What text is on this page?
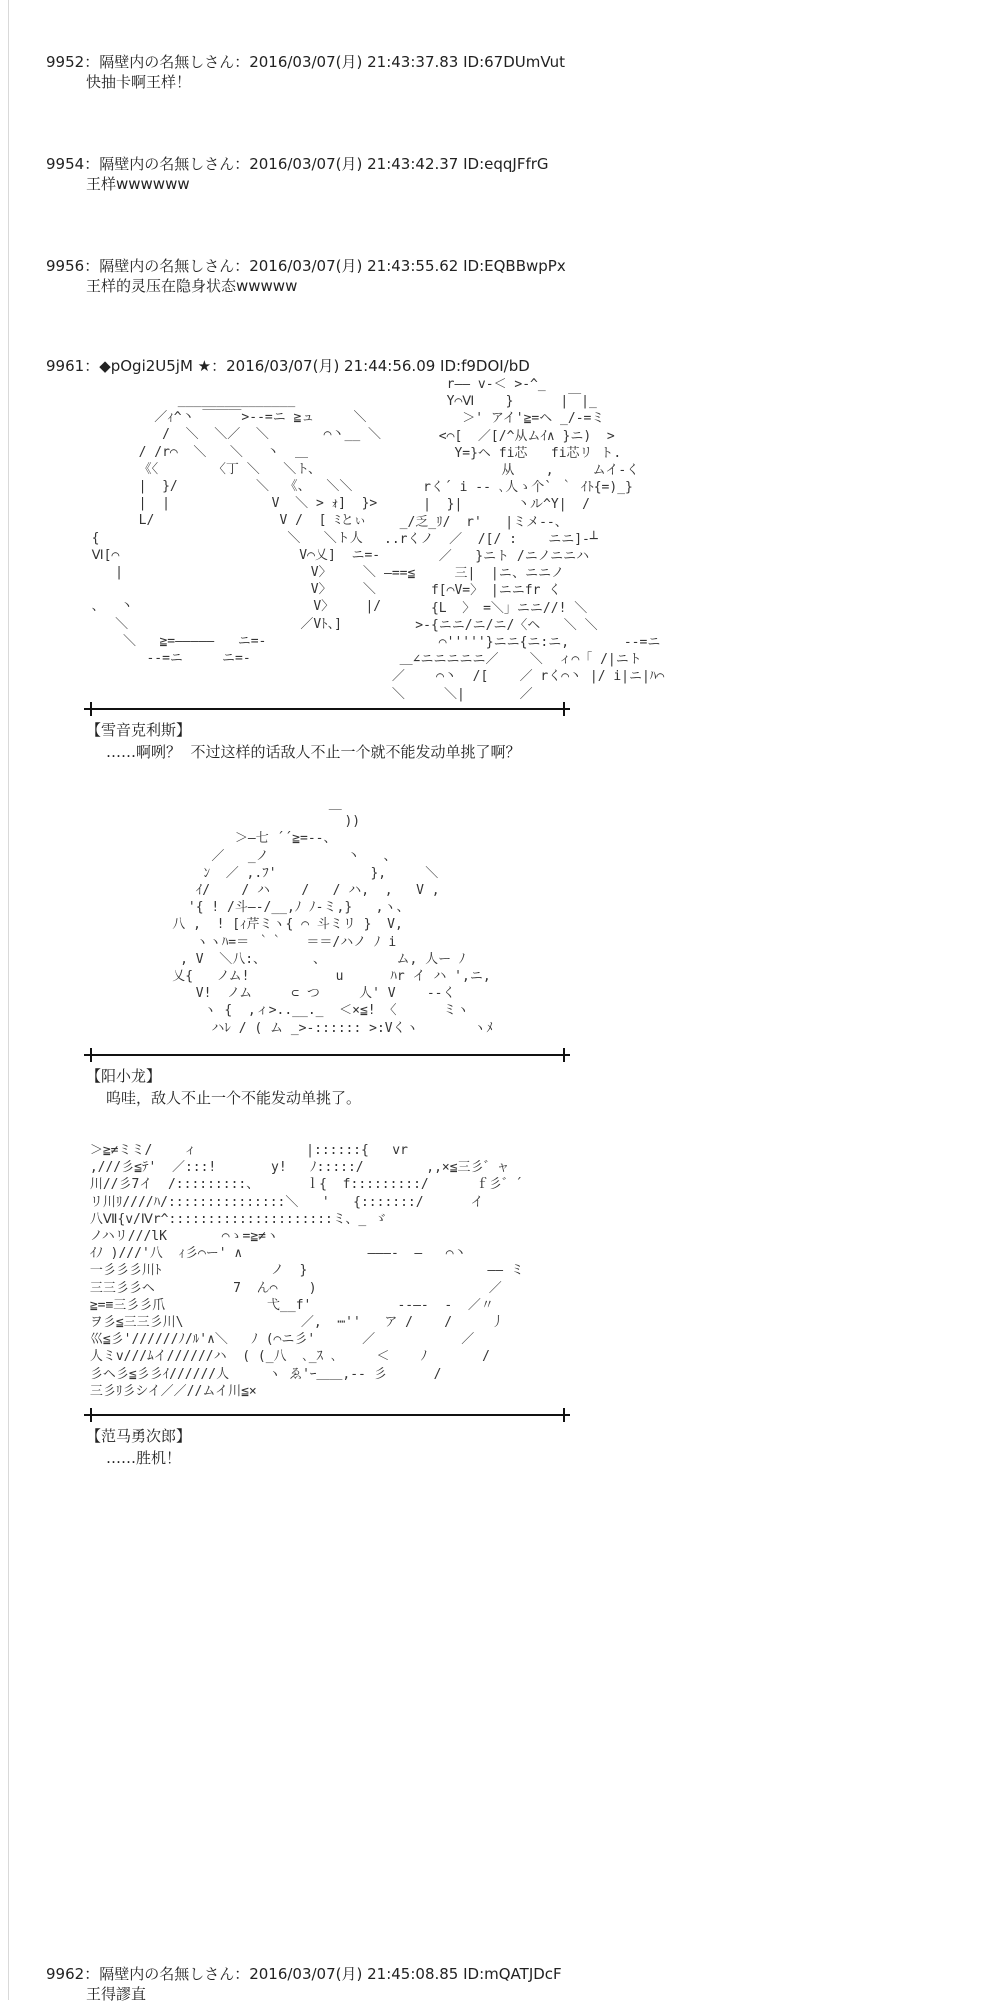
9952：隔壁内の名無しさん：2016/03/07(月) 21:43:37.83 ID:67DUmVut
快抽卡啊王样！
9954：隔壁内の名無しさん：2016/03/07(月) 21:43:42.37 ID:eqqJFfrG
王样wwwwww
9956：隔壁内の名無しさん：2016/03/07(月) 21:43:55.62 ID:EQBBwpPx
王样的灵压在隐身状态wwwww
9961：◆pOgi2U5jM ★：2016/03/07(月) 21:44:56.09 ID:f9DOI/bD
_______________
／ｨ^丶 ￣￣￣>--=ニ ≧ュ     ＼
/  ＼  ＼／  ＼       ⌒丶__ ＼
/ /r⌒  ＼   ＼   丶  ＿
《〈       〈丁 ＼   ＼ト、
|  }/          ＼  《、  ＼＼
|  |             V  ＼ > ｫ]  }>
L/                V /  [ ﾐとぃ
{                        ＼   ＼ト人
Ⅵ[⌒                       V⌒乂]  ニ=-
|                        V〉    ＼
V〉    ＼
、  丶                       V〉    |/
＼                      ／Vﾄ、]
＼   ≧=―――――   ニ=-
--=ニ     ニ=-
r―― v-＜ >-^_
Y⌒Ⅵ    }      |￣|_
＞' アイ'≧=ヘ _/-=ミ
<⌒[  ／[/^从ムｲ∧ }ニ)  >
Y=}ヘ fi芯   fi芯リ ト.
从    ,     ムイ-く
rく´ i -‐ ､人ゝ个` ｀ ｲﾄ{=)_}
|  }|       丶ル^Y|  /
_/乏_ﾘ/  r'   |ミメ-‐、
..rくノ  ／  /[/ :    ニニ]-┴
／   }ニト /ニノニニハ
—==≦     三|  |ニ、ニニノ
f[⌒V=〉 |ニニfr く
{L  〉 =＼」ニニ//! ＼
>-{ニニ/ニ/ニ/〈ヘ   ＼ ＼
⌒'''''}ニニ{ニ:ニ,       --=ニ
＿∠ニニニニニ／    ＼  ィ⌒「 /|ニト
／    ⌒丶  /[    ／ rく⌒丶 |/ i|ニ|ﾊ⌒
＼     ＼|       ／
【雪音克利斯】
……啊咧？  不过这样的话敌人不止一个就不能发动单挑了啊？
＿
))
＞―七 ´´≧=--、
／   _ノ          丶   、
ﾝ  ／ ,.ﾌ'            },     ＼
ｲ/    / ハ    /   / ハ,  ,   V ,
'{ ! /斗―‐/__,ﾉ ﾉ-ミ,}   ,ヽ、
八 ,  ! [ｨ芹ミヽ{ ⌒ 斗ミリ }  V,
ヽヽﾊ=＝ ｀｀   ＝＝/ハノ ﾉ i
, V  ＼八:、      、         ム, 人ー ﾉ
乂{   ノム!           u      ﾊr イ ハ ',ニ,
V!  ノム     ⊂ つ     人' V    --く
ヽ {  ,ィ>..__._  ＜×≦! 〈      ミヽ
ハﾚ / ( ム _>-:::::: >:Vくヽ       ヽﾒ
【阳小龙】
呜哇，敌人不止一个不能发动单挑了。
＞≧≠ミミ/    ィ              |::::::{   vr
,///彡≦ﾃ'  ／:::!       y!   ﾉ:::::/        ,,×≦三彡゛ャ
川//彡7イ  /:::::::::、      ｌ{  f:::::::::/      ｆ彡゛´
リ川ﾘ////ﾊ/:::::::::::::::＼   '   {:::::::/      イ
八Ⅶ{v/Ⅳr^:::::::::::::::::::::ミ、_ ゞ
ノハリ///lK       ⌒ゝ=≧≠ヽ
ｲﾉ )///'八  ｨ彡⌒ー' ∧                ―――-  ―   ⌒丶
一彡彡彡川ﾄ              ノ  }                       ―― ミ
三三彡彡ヘ          7  ん⌒    )                      ／
≧=≡三彡彡爪             弋__f'           --―‐  -  ／〃
ヲ彡≦三三彡川\               ／,  ┉''   ア /    /     丿
巛≦彡'//////ﾉ/ﾙ'∧＼   ﾉ (⌒ニ彡'      ／           ／
人ミv///ﾑイ//////ハ  ( (_八  ､_ｽ ､     ＜    ﾉ       /
彡ヘ彡≦彡彡ｲ//////人     ヽ ゑ'ｰ＿＿,-- 彡      /
三彡ﾘ彡シイ／／//ムイ川≦×
【范马勇次郎】
……胜机！
9962：隔壁内の名無しさん：2016/03/07(月) 21:45:08.85 ID:mQATJDcF
王得謬直
